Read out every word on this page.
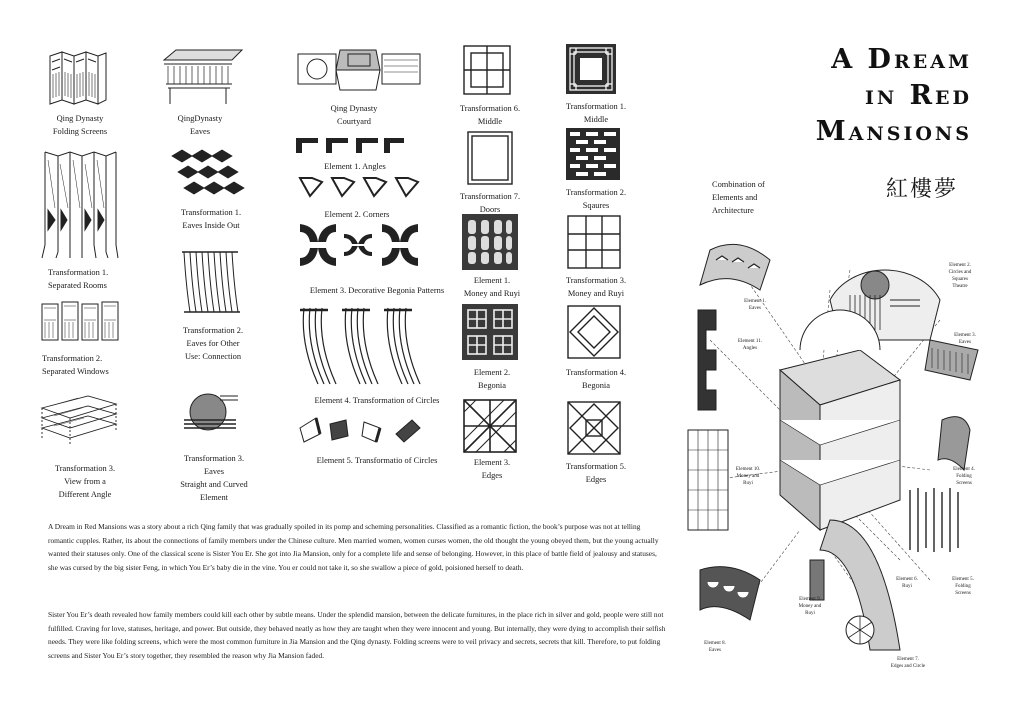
A Dream
in Red
Mansions
紅樓夢
Combination of
Elements and
Architecture
Qing Dynasty
Folding Screens
Transformation 1.
Separated Rooms
Transformation 2.
Separated Windows
Transformation 3.
View from a
Different Angle
QingDynasty
Eaves
Transformation 1.
Eaves Inside Out
Transformation 2.
Eaves for Other
Use: Connection
Transformation 3.
Eaves
Straight and Curved
Element
Qing Dynasty
Courtyard
Element 1. Angles
Element 2. Corners
Element 3. Decorative Begonia Patterns
Element 4. Transformation of Circles
Element 5. Transformatio of Circles
Transformation 6.
Middle
Transformation 7.
Doors
Element 1.
Money and Ruyi
Element 2.
Begonia
Element 3.
Edges
Transformation 1.
Middle
Transformation 2.
Sqaures
Transformation 3.
Money and Ruyi
Transformation 4.
Begonia
Transformation 5.
Edges
Element 2.
Circles and
Squares
Theatre
Element 1.
Eaves
Element 11.
Angles
Element 3.
Eaves
Element 10.
Money and
Ruyi
Element 4.
Folding
Screens
Element 6.
Ruyi
Element 5.
Folding
Screens
Element 9.
Money and
Ruyi
Element 8.
Eaves
Element 7.
Edges and Circle
A Dream in Red Mansions was a story about a rich Qing family that was gradually spoiled in its pomp and scheming personalities. Classified as a romantic fiction, the book’s purpose was not at telling romantic cupples. Rather, its about the connections of family members under the Chinese culture. Men married women, women curses women, the old thought the young obeyed them, but the young actually wanted their statuses only. One of the classical scene is Sister You Er. She got into Jia Mansion, only for a complete life and sense of belonging. However, in this place of battle field of jealousy and statuses, she was cursed by the big sister Feng, in which You Er’s baby die in the vine. You er could not take it, so she swallow a piece of gold, poisioned herself to death.
Sister You Er’s death revealed how family members could kill each other by subtle means. Under the splendid mansion, between the delicate furnitures, in the place rich in silver and gold, people were still not fulfilled. Craving for love, statuses, heritage, and power. But outside, they behaved neatly as how they are taught when they were innocent and young. But internally, they were dying to accomplish their selfish needs. They were like folding screens, which were the most common furniture in Jia Mansion and the Qing dynasty. Folding screens were to veil privacy and secrets, secrets that kill. Therefore, to put folding screens and Sister You Er’s story together, they resembled the reason why Jia Mansion faded.
